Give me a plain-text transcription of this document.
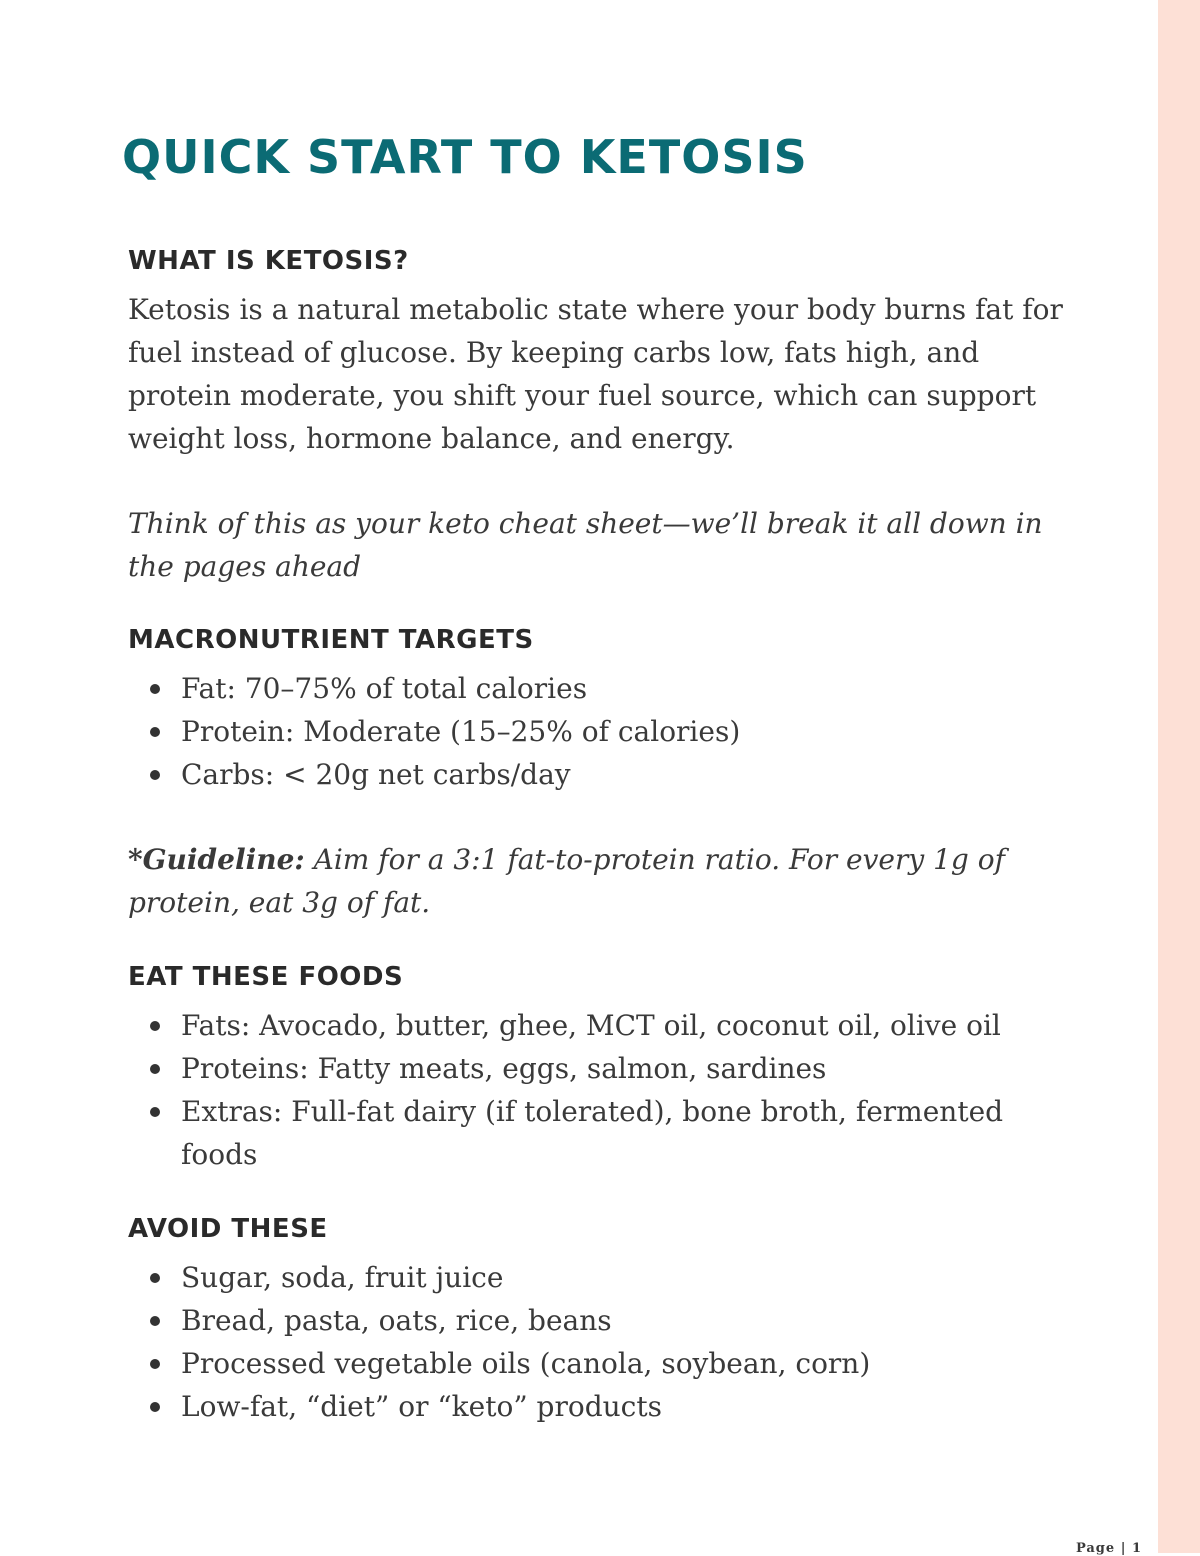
QUICK START TO KETOSIS
WHAT IS KETOSIS?

Ketosis is a natural metabolic state where your body burns fat for fuel instead of glucose. By keeping carbs low, fats high, and protein moderate, you shift your fuel source, which can support weight loss, hormone balance, and energy.

Think of this as your keto cheat sheet—we’ll break it all down in the pages ahead

MACRONUTRIENT TARGETS
Fat: 70–75% of total calories
Protein: Moderate (15–25% of calories)
Carbs: < 20g net carbs/day

*Guideline: Aim for a 3:1 fat-to-protein ratio. For every 1g of protein, eat 3g of fat.

EAT THESE FOODS
Fats: Avocado, butter, ghee, MCT oil, coconut oil, olive oil
Proteins: Fatty meats, eggs, salmon, sardines
Extras: Full-fat dairy (if tolerated), bone broth, fermented foods
AVOID THESE
Sugar, soda, fruit juice
Bread, pasta, oats, rice, beans
Processed vegetable oils (canola, soybean, corn)
Low-fat, “diet” or “keto” products
Page | 1
